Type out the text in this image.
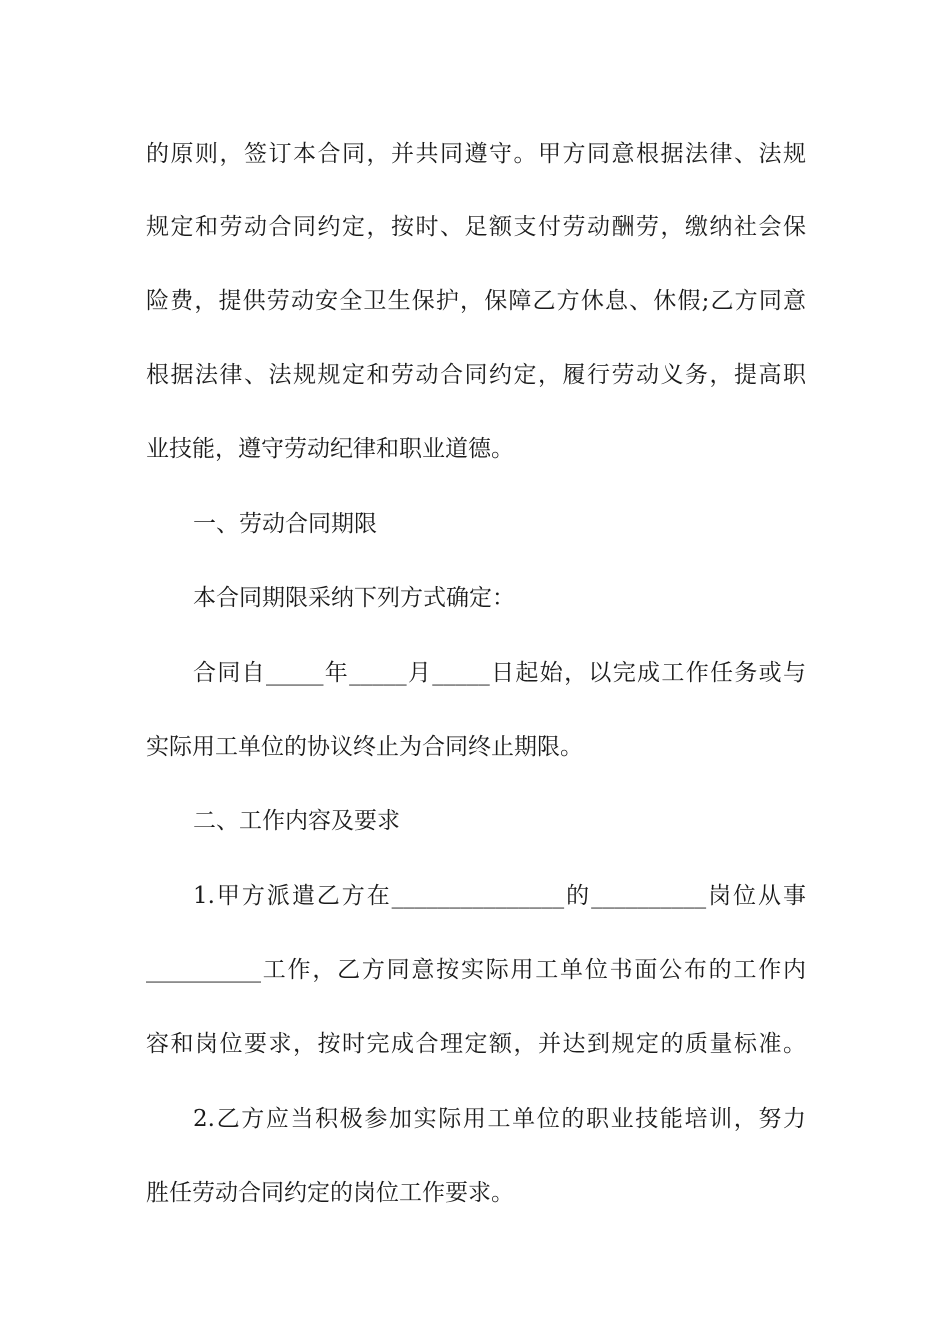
的原则，签订本合同，并共同遵守。甲方同意根据法律、法规
规定和劳动合同约定，按时、足额支付劳动酬劳，缴纳社会保
险费，提供劳动安全卫生保护，保障乙方休息、休假;乙方同意
根据法律、法规规定和劳动合同约定，履行劳动义务，提高职
业技能，遵守劳动纪律和职业道德。
一、劳动合同期限
本合同期限采纳下列方式确定：
合同自_____年_____月_____日起始，以完成工作任务或与
实际用工单位的协议终止为合同终止期限。
二、工作内容及要求
1.甲方派遣乙方在_______________的__________岗位从事
__________工作，乙方同意按实际用工单位书面公布的工作内
容和岗位要求，按时完成合理定额，并达到规定的质量标准。
2.乙方应当积极参加实际用工单位的职业技能培训，努力
胜任劳动合同约定的岗位工作要求。
